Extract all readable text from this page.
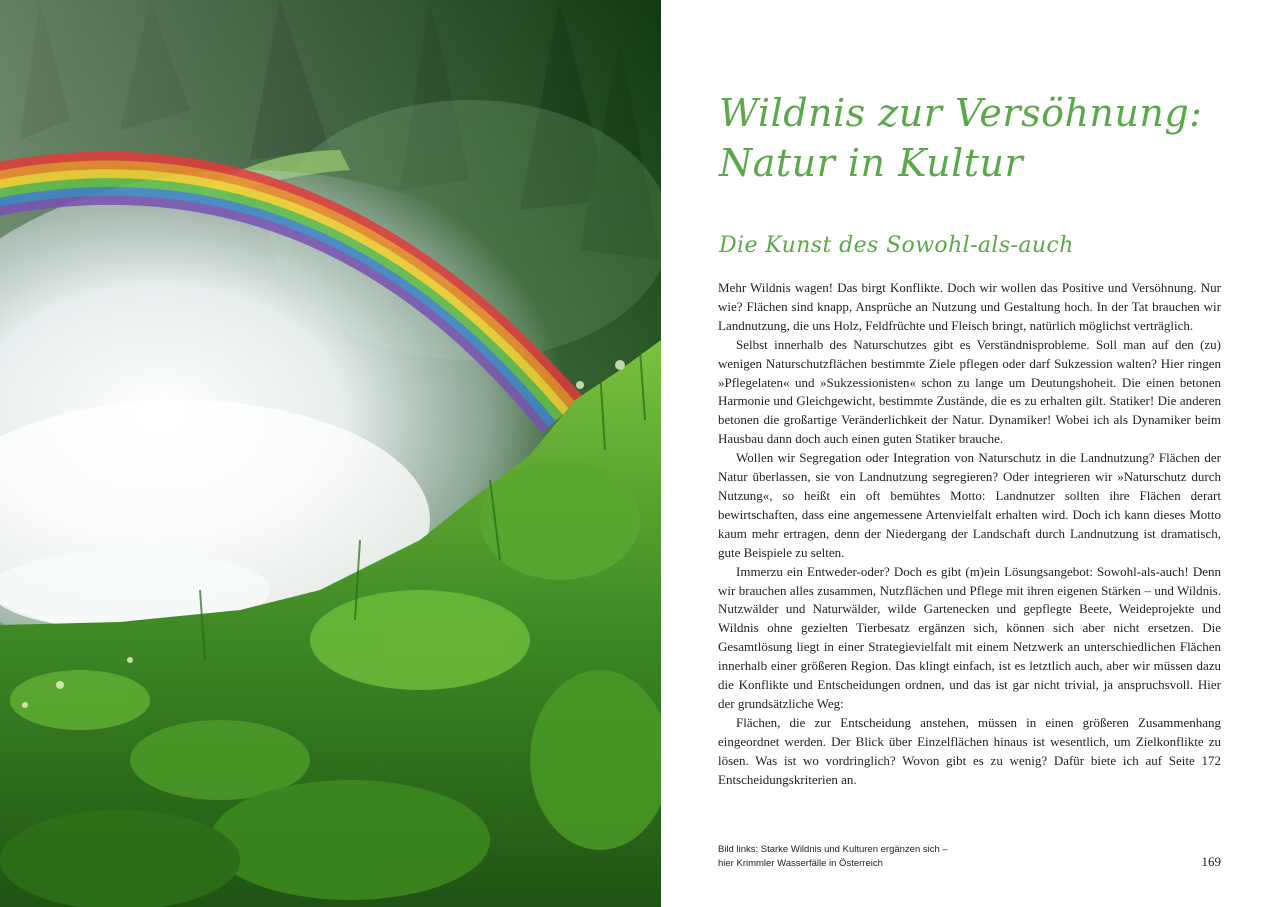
Wildnis zur Versöhnung:
Natur in Kultur
Die Kunst des Sowohl-als-auch

Mehr Wildnis wagen! Das birgt Konflikte. Doch wir wollen das Positive und Versöhnung. Nur wie? Flächen sind knapp, Ansprüche an Nutzung und Gestaltung hoch. In der Tat brauchen wir Landnutzung, die uns Holz, Feldfrüchte und Fleisch bringt, natürlich möglichst verträglich.

Selbst innerhalb des Naturschutzes gibt es Verständnisprobleme. Soll man auf den (zu) wenigen Naturschutzflächen bestimmte Ziele pflegen oder darf Sukzession walten? Hier ringen »Pflegelaten« und »Sukzessionisten« schon zu lange um Deutungshoheit. Die einen betonen Harmonie und Gleichgewicht, bestimmte Zustände, die es zu erhalten gilt. Statiker! Die anderen betonen die großartige Veränderlichkeit der Natur. Dynamiker! Wobei ich als Dynamiker beim Hausbau dann doch auch einen guten Statiker brauche.

Wollen wir Segregation oder Integration von Naturschutz in die Landnutzung? Flächen der Natur überlassen, sie von Landnutzung segregieren? Oder integrieren wir »Naturschutz durch Nutzung«, so heißt ein oft bemühtes Motto: Landnutzer sollten ihre Flächen derart bewirtschaften, dass eine angemessene Artenvielfalt erhalten wird. Doch ich kann dieses Motto kaum mehr ertragen, denn der Niedergang der Landschaft durch Landnutzung ist dramatisch, gute Beispiele zu selten.

Immerzu ein Entweder-oder? Doch es gibt (m)ein Lösungsangebot: Sowohl-als-auch! Denn wir brauchen alles zusammen, Nutzflächen und Pflege mit ihren eigenen Stärken – und Wildnis. Nutzwälder und Naturwälder, wilde Gartenecken und gepflegte Beete, Weideprojekte und Wildnis ohne gezielten Tierbesatz ergänzen sich, können sich aber nicht ersetzen. Die Gesamtlösung liegt in einer Strategievielfalt mit einem Netzwerk an unterschiedlichen Flächen innerhalb einer größeren Region. Das klingt einfach, ist es letztlich auch, aber wir müssen dazu die Konflikte und Entscheidungen ordnen, und das ist gar nicht trivial, ja anspruchsvoll. Hier der grundsätzliche Weg:

Flächen, die zur Entscheidung anstehen, müssen in einen größeren Zusammenhang eingeordnet werden. Der Blick über Einzelflächen hinaus ist wesentlich, um Zielkonflikte zu lösen. Was ist wo vordringlich? Wovon gibt es zu wenig? Dafür biete ich auf Seite 172 Entscheidungskriterien an.

Bild links: Starke Wildnis und Kulturen ergänzen sich –
hier Krimmler Wasserfälle in Österreich	169
